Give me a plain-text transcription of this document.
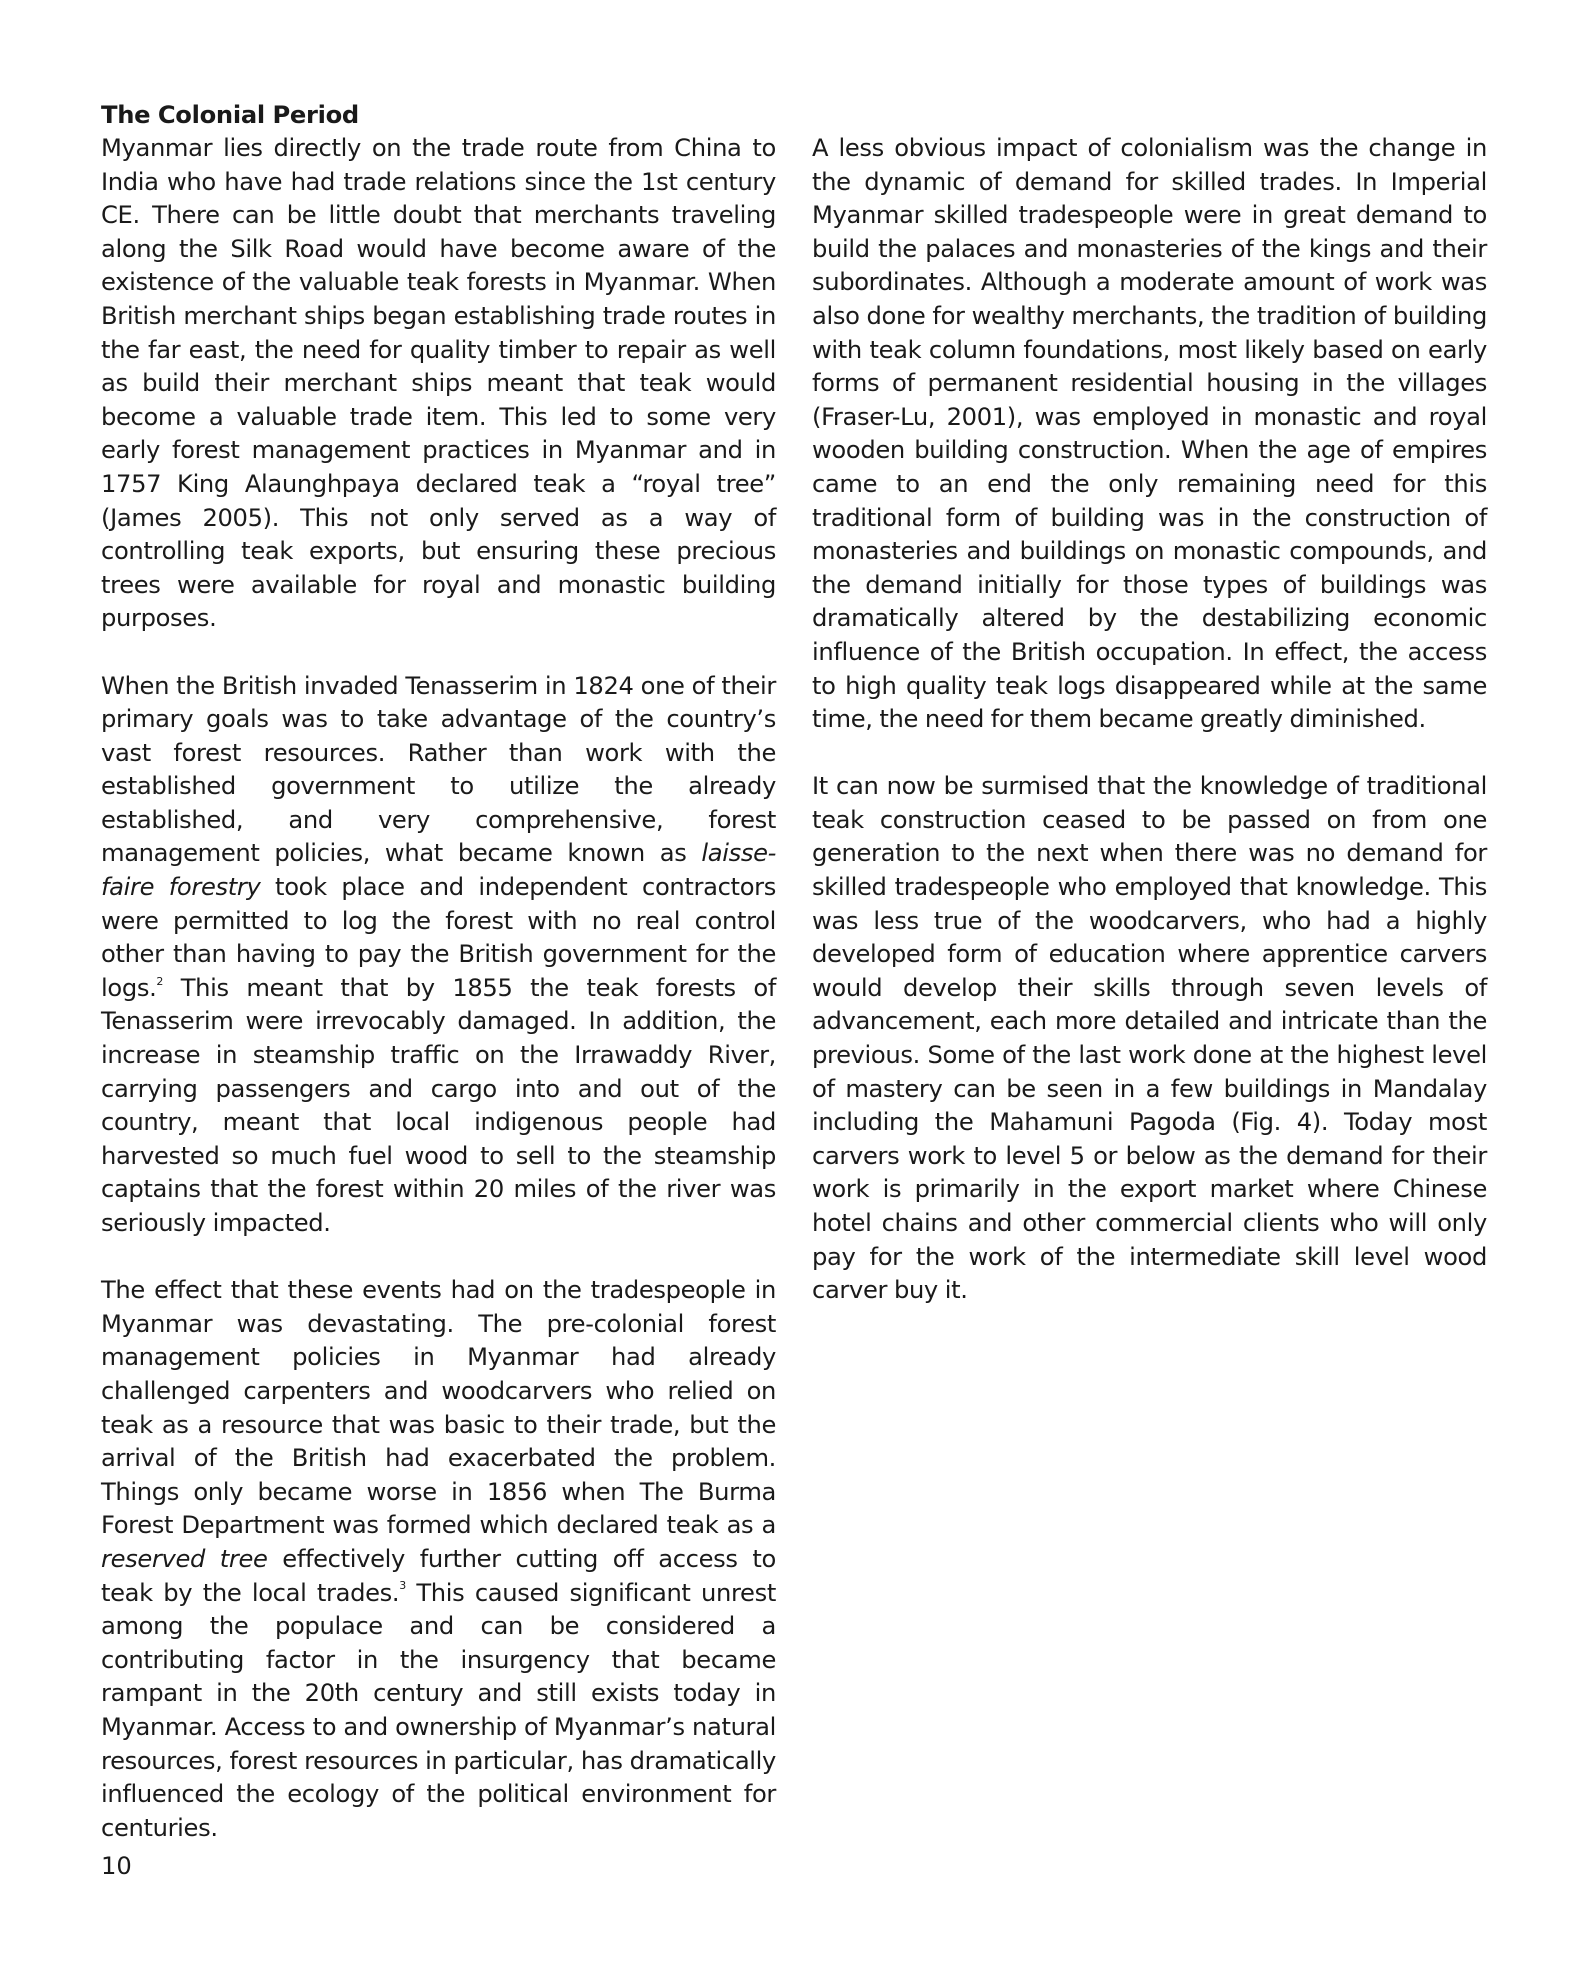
The Colonial Period

Myanmar lies directly on the trade route from China to India who have had trade relations since the 1st century CE. There can be little doubt that merchants traveling along the Silk Road would have become aware of the existence of the valuable teak forests in Myanmar. When British merchant ships began establishing trade routes in the far east, the need for quality timber to repair as well as build their merchant ships meant that teak would become a valuable trade item. This led to some very early forest management practices in Myanmar and in 1757 King Alaunghpaya declared teak a “royal tree” (James 2005). This not only served as a way of controlling teak exports, but ensuring these precious trees were available for royal and monastic building purposes.

When the British invaded Tenasserim in 1824 one of their primary goals was to take advantage of the country’s vast forest resources. Rather than work with the established government to utilize the already established, and very comprehensive, forest management policies, what became known as laisse-faire forestry took place and independent contractors were permitted to log the forest with no real control other than having to pay the British government for the logs.$^2$ This meant that by 1855 the teak forests of Tenasserim were irrevocably damaged. In addition, the increase in steamship traffic on the Irrawaddy River, carrying passengers and cargo into and out of the country, meant that local indigenous people had harvested so much fuel wood to sell to the steamship captains that the forest within 20 miles of the river was seriously impacted.

The effect that these events had on the tradespeople in Myanmar was devastating. The pre-colonial forest management policies in Myanmar had already challenged carpenters and woodcarvers who relied on teak as a resource that was basic to their trade, but the arrival of the British had exacerbated the problem. Things only became worse in 1856 when The Burma Forest Department was formed which declared teak as a reserved tree effectively further cutting off access to teak by the local trades.$^3$ This caused significant unrest among the populace and can be considered a contributing factor in the insurgency that became rampant in the 20th century and still exists today in Myanmar. Access to and ownership of Myanmar’s natural resources, forest resources in particular, has dramatically influenced the ecology of the political environment for centuries.

A less obvious impact of colonialism was the change in the dynamic of demand for skilled trades. In Imperial Myanmar skilled tradespeople were in great demand to build the palaces and monasteries of the kings and their subordinates. Although a moderate amount of work was also done for wealthy merchants, the tradition of building with teak column foundations, most likely based on early forms of permanent residential housing in the villages (Fraser-Lu, 2001), was employed in monastic and royal wooden building construction. When the age of empires came to an end the only remaining need for this traditional form of building was in the construction of monasteries and buildings on monastic compounds, and the demand initially for those types of buildings was dramatically altered by the destabilizing economic influence of the British occupation. In effect, the access to high quality teak logs disappeared while at the same time, the need for them became greatly diminished.

It can now be surmised that the knowledge of traditional teak construction ceased to be passed on from one generation to the next when there was no demand for skilled tradespeople who employed that knowledge. This was less true of the woodcarvers, who had a highly developed form of education where apprentice carvers would develop their skills through seven levels of advancement, each more detailed and intricate than the previous. Some of the last work done at the highest level of mastery can be seen in a few buildings in Mandalay including the Mahamuni Pagoda (Fig. 4). Today most carvers work to level 5 or below as the demand for their work is primarily in the export market where Chinese hotel chains and other commercial clients who will only pay for the work of the intermediate skill level wood carver buy it.

10
